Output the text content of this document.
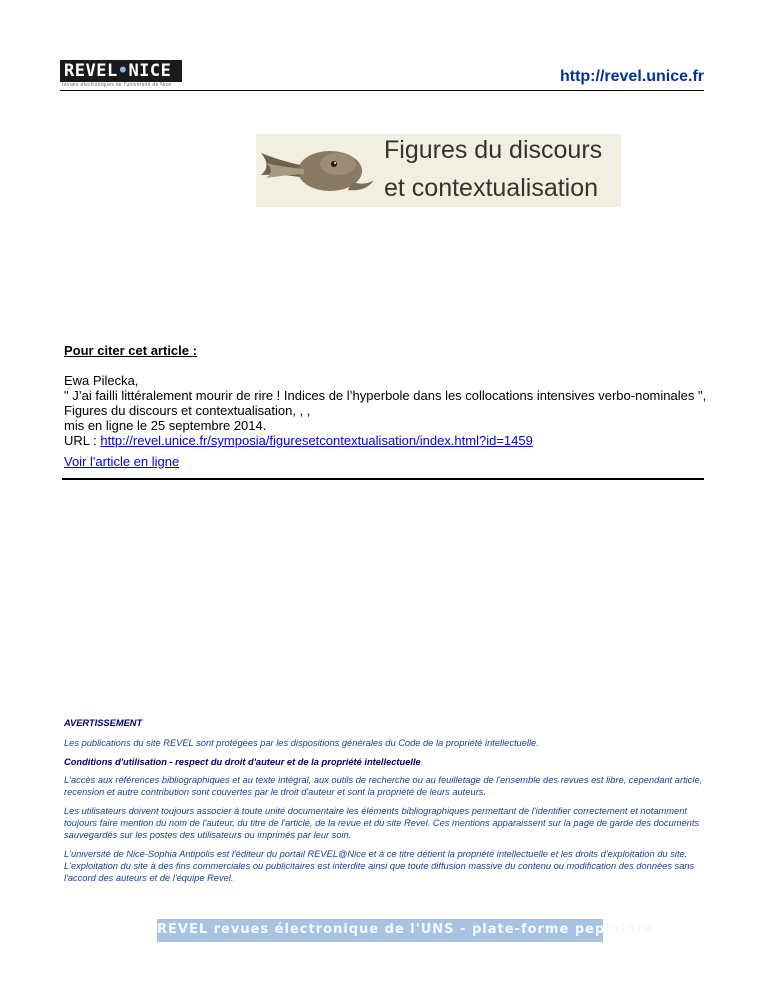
REVEL•NICE
revues électroniques de l'université de Nice	http://revel.unice.fr
Figures du discours
et contextualisation
Pour citer cet article :
Ewa Pilecka,
" J’ai failli littéralement mourir de rire ! Indices de l’hyperbole dans les collocations intensives verbo-nominales ",
Figures du discours et contextualisation, , ,
mis en ligne le 25 septembre 2014.
URL : http://revel.unice.fr/symposia/figuresetcontextualisation/index.html?id=1459
Voir l'article en ligne
AVERTISSEMENT

Les publications du site REVEL sont protégées par les dispositions générales du Code de la propriété intellectuelle.

Conditions d'utilisation - respect du droit d'auteur et de la propriété intellectuelle

L'accès aux références bibliographiques et au texte intégral, aux outils de recherche ou au feuilletage de l'ensemble des revues est libre, cependant article, recension et autre contribution sont couvertes par le droit d'auteur et sont la propriété de leurs auteurs.

Les utilisateurs doivent toujours associer à toute unité documentaire les éléments bibliographiques permettant de l'identifier correctement et notamment toujours faire mention du nom de l'auteur, du titre de l'article, de la revue et du site Revel. Ces mentions apparaissent sur la page de garde des documents sauvegardés sur les postes des utilisateurs ou imprimés par leur soin.

L'université de Nice-Sophia Antipolis est l'éditeur du portail REVEL@Nice et à ce titre détient la propriété intellectuelle et les droits d'exploitation du site.
L'exploitation du site à des fins commerciales ou publicitaires est interdite ainsi que toute diffusion massive du contenu ou modification des données sans l'accord des auteurs et de l'équipe Revel.
REVEL revues électronique de l'UNS - plate-forme pepinière
